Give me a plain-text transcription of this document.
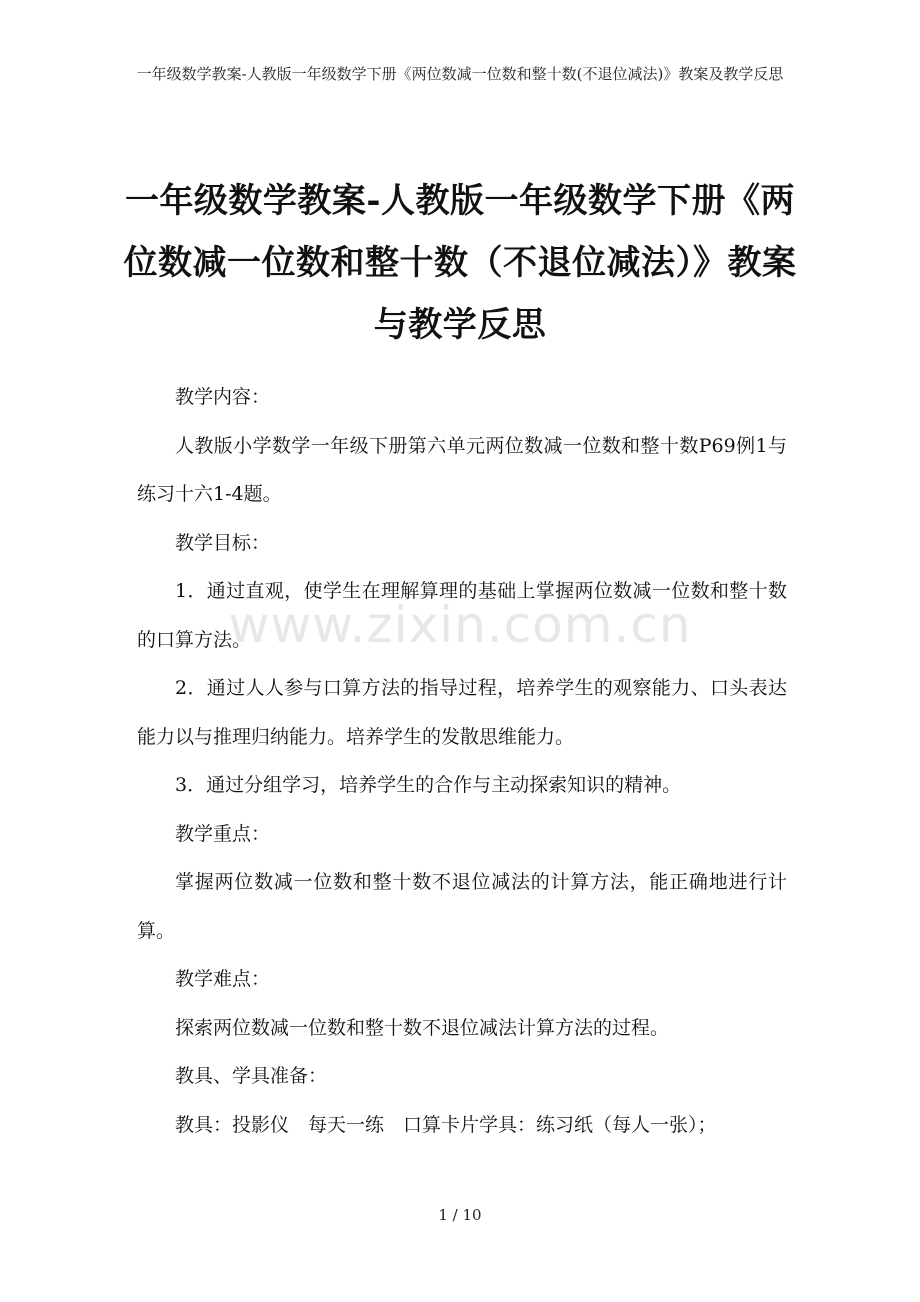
一年级数学教案-人教版一年级数学下册《两位数减一位数和整十数(不退位减法)》教案及教学反思
一年级数学教案-人教版一年级数学下册《两位数减一位数和整十数（不退位减法）》教案与教学反思

教学内容：

人教版小学数学一年级下册第六单元两位数减一位数和整十数P69例1与练习十六1-4题。

教学目标：

1．通过直观，使学生在理解算理的基础上掌握两位数减一位数和整十数的口算方法。

2．通过人人参与口算方法的指导过程，培养学生的观察能力、口头表达能力以与推理归纳能力。培养学生的发散思维能力。

3．通过分组学习，培养学生的合作与主动探索知识的精神。

教学重点：

掌握两位数减一位数和整十数不退位减法的计算方法，能正确地进行计算。

教学难点：

探索两位数减一位数和整十数不退位减法计算方法的过程。

教具、学具准备：

教具：投影仪　每天一练　口算卡片学具：练习纸（每人一张）；

www.zixin.com.cn
1 / 10
